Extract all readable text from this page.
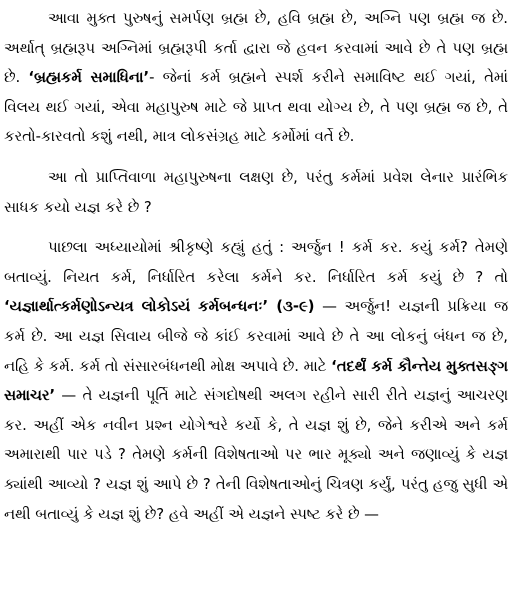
આવા મુક્ત પુરુષનું સમર્પણ બ્રહ્મ છે, હવિ બ્રહ્મ છે, અગ્નિ પણ બ્રહ્મ જ છે. અર્થાત્ બ્રહ્મરૂપ અગ્નિમાં બ્રહ્મરૂપી કર્તા દ્વારા જે હવન કરવામાં આવે છે તે પણ બ્રહ્મ છે. ‘બ્રહ્મકર્મ સમાધિના’- જેનાં કર્મ બ્રહ્મને સ્પર્શ કરીને સમાવિષ્ટ થઈ ગયાં, તેમાં વિલય થઈ ગયાં, એવા મહાપુરુષ માટે જે પ્રાપ્ત થવા યોગ્ય છે, તે પણ બ્રહ્મ જ છે, તે કરતો-કારવતો કશું નથી, માત્ર લોકસંગ્રહ માટે કર્મોમાં વર્તે છે.

આ તો પ્રાપ્તિવાળા મહાપુરુષના લક્ષણ છે, પરંતુ કર્મમાં પ્રવેશ લેનાર પ્રારંભિક સાધક કયો યજ્ઞ કરે છે ?

પાછલા અધ્યાયોમાં શ્રીકૃષ્ણે કહ્યું હતું : અર્જુન ! કર્મ કર. કયું કર્મ? તેમણે બતાવ્યું. નિયત કર્મ, નિર્ધારિત કરેલા કર્મને કર. નિર્ધારિત કર્મ કયું છે ? તો ‘યજ્ઞાર્થાત્કર્મણોઽન્યત્ર લોકોઽયં કર્મબન્ધનઃ’ (૩-૯) — અર્જુન! યજ્ઞની પ્રક્રિયા જ કર્મ છે. આ યજ્ઞ સિવાય બીજે જે કાંઈ કરવામાં આવે છે તે આ લોકનું બંધન જ છે, નહિ કે કર્મ. કર્મ તો સંસારબંધનથી મોક્ષ અપાવે છે. માટે ‘તદર્થં કર્મ કૌન્તેય મુક્તસઙ્ગ સમાચર’ — તે યજ્ઞની પૂર્તિ માટે સંગદોષથી અલગ રહીને સારી રીતે યજ્ઞનું આચરણ કર. અહીં એક નવીન પ્રશ્ન યોગેશ્વરે કર્યો કે, તે યજ્ઞ શું છે, જેને કરીએ અને કર્મ અમારાથી પાર પડે ? તેમણે કર્મની વિશેષતાઓ પર ભાર મૂક્યો અને જણાવ્યું કે યજ્ઞ ક્યાંથી આવ્યો ? યજ્ઞ શું આપે છે ? તેની વિશેષતાઓનું ચિત્રણ કર્યું, પરંતુ હજુ સુધી એ નથી બતાવ્યું કે યજ્ઞ શું છે? હવે અહીં એ યજ્ઞને સ્પષ્ટ કરે છે —
